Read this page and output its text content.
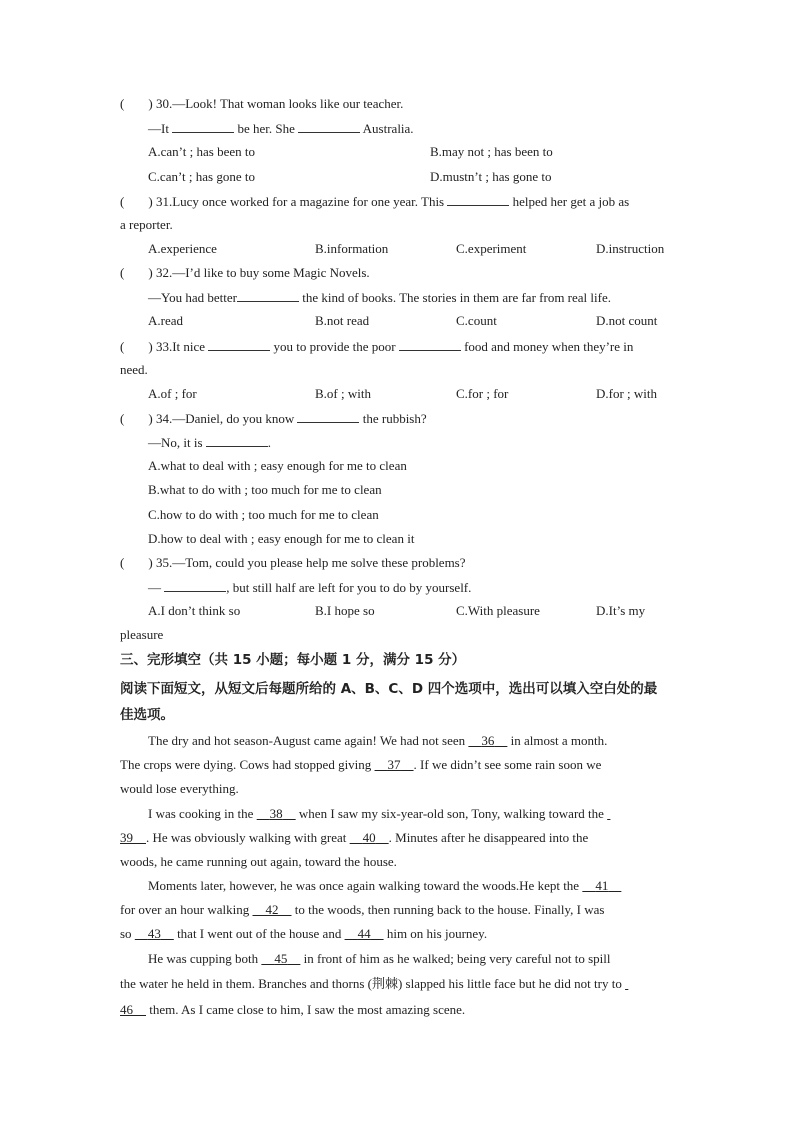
( ) 30.—Look! That woman looks like our teacher.
—It	be her. She	Australia.
A.can’t ; has been to	B.may not ; has been to
C.can’t ; has gone to	D.mustn’t ; has gone to
( ) 31.Lucy once worked for a magazine for one year. This	helped her get a job as
a reporter.
A.experience	B.information	C.experiment	D.instruction
( ) 32.—I’d like to buy some Magic Novels.
—You had better	the kind of books. The stories in them are far from real life.
A.read	B.not read	C.count	D.not count
( ) 33.It nice	you to provide the poor	food and money when they’re in
need.
A.of ; for	B.of ; with	C.for ; for	D.for ; with
( ) 34.—Daniel, do you know	the rubbish?
—No, it is	.
A.what to deal with ; easy enough for me to clean
B.what to do with ; too much for me to clean
C.how to do with ; too much for me to clean
D.how to deal with ; easy enough for me to clean it
( ) 35.—Tom, could you please help me solve these problems?
—	, but still half are left for you to do by yourself.
A.I don’t think so	B.I hope so	C.With pleasure	D.It’s my
pleasure
三、完形填空（共 15 小题；每小题 1 分，满分 15 分）
阅读下面短文，从短文后每题所给的 A、B、C、D 四个选项中，选出可以填入空白处的最
佳选项。
The dry and hot season-August came again! We had not seen 36 in almost a month.
The crops were dying. Cows had stopped giving 37 . If we didn’t see some rain soon we
would lose everything.
I was cooking in the 38 when I saw my six-year-old son, Tony, walking toward the
39 . He was obviously walking with great 40 . Minutes after he disappeared into the
woods, he came running out again, toward the house.
Moments later, however, he was once again walking toward the woods.He kept the 41
for over an hour walking 42 to the woods, then running back to the house. Finally, I was
so 43 that I went out of the house and 44 him on his journey.
He was cupping both 45 in front of him as he walked; being very careful not to spill
the water he held in them. Branches and thorns (荆棘) slapped his little face but he did not try to
46 them. As I came close to him, I saw the most amazing scene.
